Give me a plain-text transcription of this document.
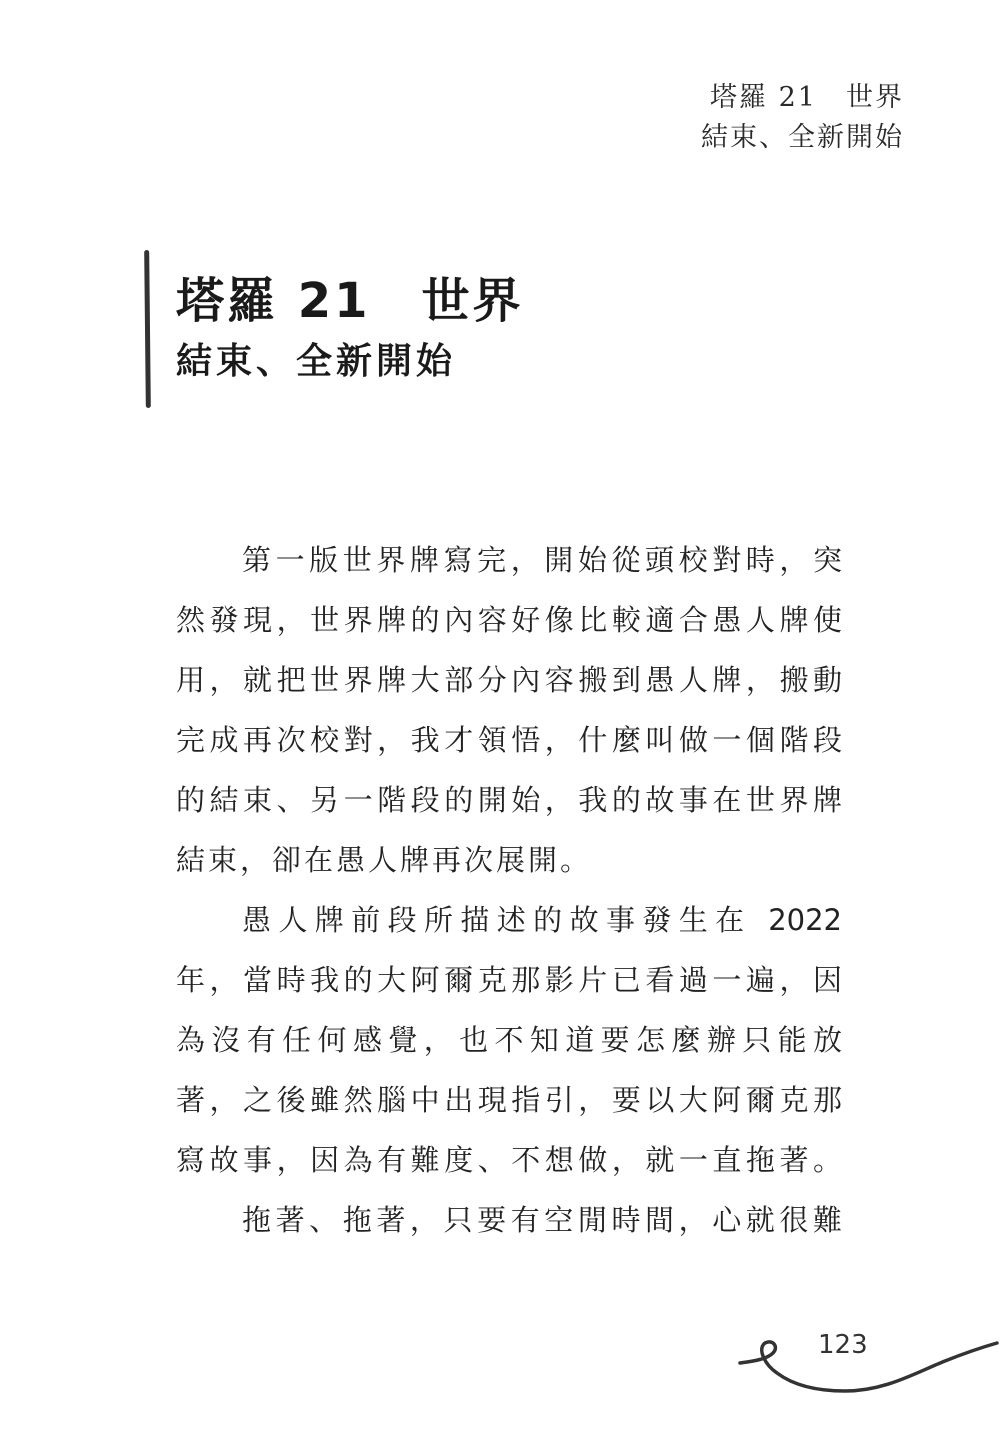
塔羅 21　世界
結束、全新開始
塔羅 21　世界
結束、全新開始
第一版世界牌寫完，開始從頭校對時，突
然發現，世界牌的內容好像比較適合愚人牌使
用，就把世界牌大部分內容搬到愚人牌，搬動
完成再次校對，我才領悟，什麼叫做一個階段
的結束、另一階段的開始，我的故事在世界牌
結束，卻在愚人牌再次展開。
愚人牌前段所描述的故事發生在 2022
年，當時我的大阿爾克那影片已看過一遍，因
為沒有任何感覺，也不知道要怎麼辦只能放
著，之後雖然腦中出現指引，要以大阿爾克那
寫故事，因為有難度、不想做，就一直拖著。
拖著、拖著，只要有空閒時間，心就很難
123
